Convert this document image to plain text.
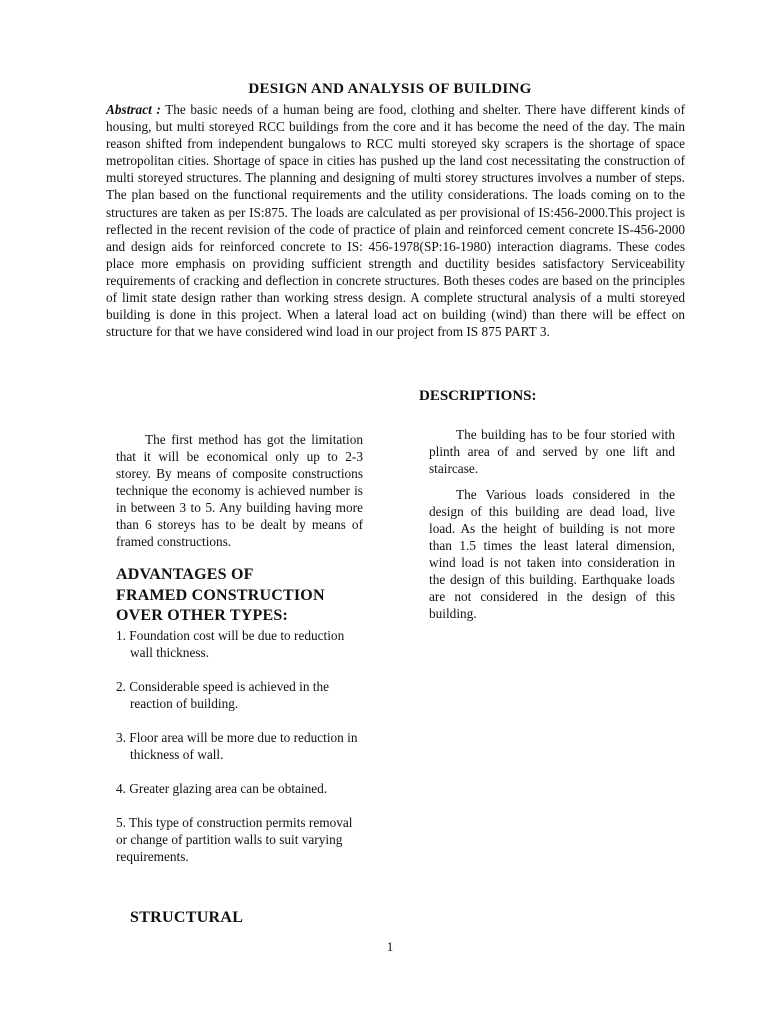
DESIGN AND ANALYSIS OF BUILDING

Abstract : The basic needs of a human being are food, clothing and shelter. There have different kinds of housing, but multi storeyed RCC buildings from the core and it has become the need of the day. The main reason shifted from independent bungalows to RCC multi storeyed sky scrapers is the shortage of space metropolitan cities. Shortage of space in cities has pushed up the land cost necessitating the construction of multi storeyed structures. The planning and designing of multi storey structures involves a number of steps. The plan based on the functional requirements and the utility considerations. The loads coming on to the structures are taken as per IS:875. The loads are calculated as per provisional of IS:456-2000.This project is reflected in the recent revision of the code of practice of plain and reinforced cement concrete IS-456-2000 and design aids for reinforced concrete to IS: 456-1978(SP:16-1980) interaction diagrams. These codes place more emphasis on providing sufficient strength and ductility besides satisfactory Serviceability requirements of cracking and deflection in concrete structures. Both theses codes are based on the principles of limit state design rather than working stress design. A complete structural analysis of a multi storeyed building is done in this project. When a lateral load act on building (wind) than there will be effect on structure for that we have considered wind load in our project from IS 875 PART 3.

DESCRIPTIONS:

The first method has got the limitation that it will be economical only up to 2-3 storey. By means of composite constructions technique the economy is achieved number is in between 3 to 5. Any building having more than 6 storeys has to be dealt by means of framed constructions.

ADVANTAGES OF
FRAMED CONSTRUCTION
OVER OTHER TYPES:
1. Foundation cost will be due to reduction wall thickness.
2. Considerable speed is achieved in the reaction of building.
3. Floor area will be more due to reduction in thickness of wall.
4. Greater glazing area can be obtained.
5. This type of construction permits removal or change of partition walls to suit varying requirements.

The building has to be four storied with plinth area of and served by one lift and staircase.

The Various loads considered in the design of this building are dead load, live load. As the height of building is not more than 1.5 times the least lateral dimension, wind load is not taken into consideration in the design of this building. Earthquake loads are not considered in the design of this building.

STRUCTURAL
1
